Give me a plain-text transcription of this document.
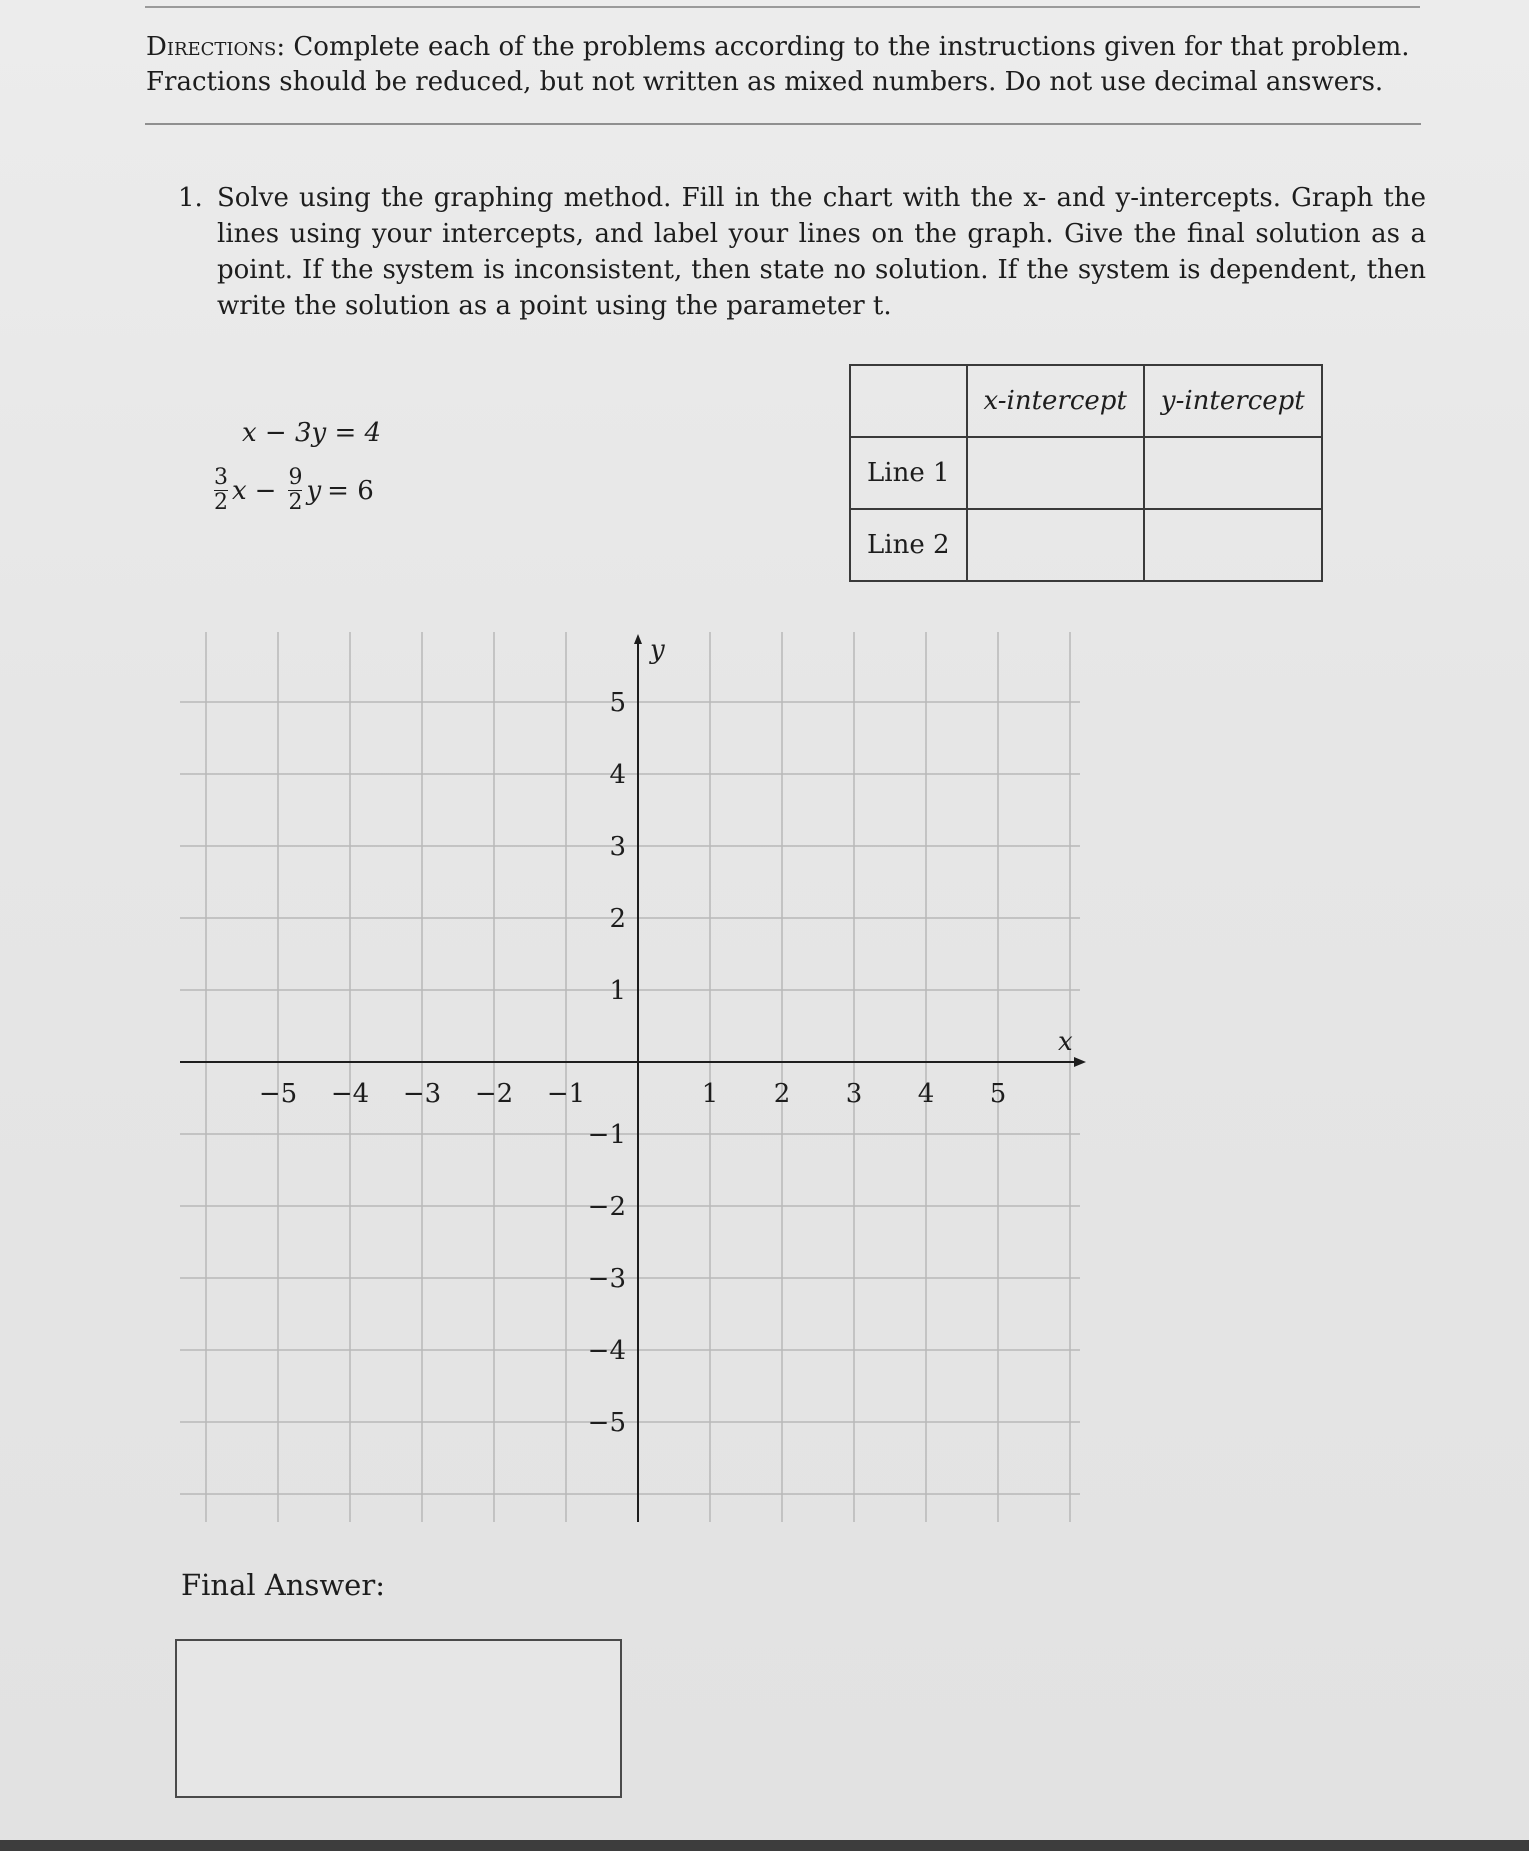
Directions: Complete each of the problems according to the instructions given for that problem. Fractions should be reduced, but not written as mixed numbers. Do not use decimal answers.
1. Solve using the graphing method. Fill in the chart with the x- and y-intercepts. Graph the lines using your intercepts, and label your lines on the graph. Give the final solution as a point. If the system is inconsistent, then state no solution. If the system is dependent, then write the solution as a point using the parameter t.
x − 3y = 4
$\frac{3}{2}$ $x - \frac{9}{2}$ y = 6
	x-intercept	y-intercept
Line 1		
Line 2		
x
y
−5 −4 −3 −2 −1	1 2 3 4 5
5
4
3
2
1
−1
−2
−3
−4
−5
Final Answer:
